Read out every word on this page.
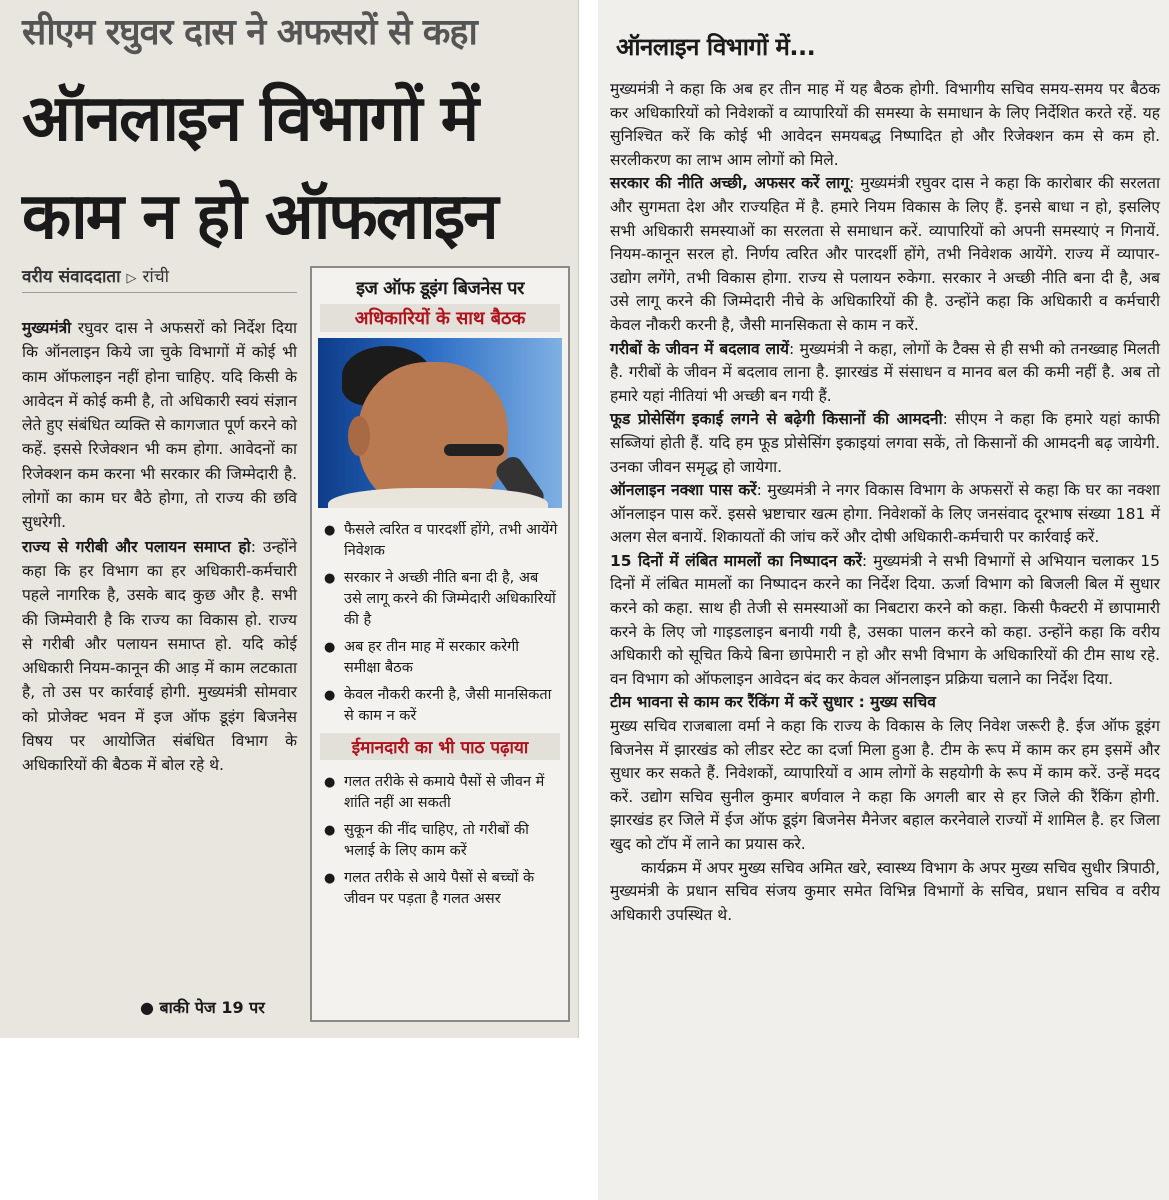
सीएम रघुवर दास ने अफसरों से कहा
ऑनलाइन विभागों में
काम न हो ऑफलाइन
वरीय संवाददाता ▷ रांची

मुख्यमंत्री रघुवर दास ने अफसरों को निर्देश दिया कि ऑनलाइन किये जा चुके विभागों में कोई भी काम ऑफलाइन नहीं होना चाहिए. यदि किसी के आवेदन में कोई कमी है, तो अधिकारी स्वयं संज्ञान लेते हुए संबंधित व्यक्ति से कागजात पूर्ण करने को कहें. इससे रिजेक्शन भी कम होगा. आवेदनों का रिजेक्शन कम करना भी सरकार की जिम्मेदारी है. लोगों का काम घर बैठे होगा, तो राज्य की छवि सुधरेगी.

राज्य से गरीबी और पलायन समाप्त हो: उन्होंने कहा कि हर विभाग का हर अधिकारी-कर्मचारी पहले नागरिक है, उसके बाद कुछ और है. सभी की जिम्मेवारी है कि राज्य का विकास हो. राज्य से गरीबी और पलायन समाप्त हो. यदि कोई अधिकारी नियम-कानून की आड़ में काम लटकाता है, तो उस पर कार्रवाई होगी. मुख्यमंत्री सोमवार को प्रोजेक्ट भवन में इज ऑफ डूइंग बिजनेस विषय पर आयोजित संबंधित विभाग के अधिकारियों की बैठक में बोल रहे थे.

● बाकी पेज 19 पर
इज ऑफ डूइंग बिजनेस पर
अधिकारियों के साथ बैठक
● फैसले त्वरित व पारदर्शी होंगे, तभी आयेंगे निवेशक
● सरकार ने अच्छी नीति बना दी है, अब उसे लागू करने की जिम्मेदारी अधिकारियों की है
● अब हर तीन माह में सरकार करेगी समीक्षा बैठक
● केवल नौकरी करनी है, जैसी मानसिकता से काम न करें
ईमानदारी का भी पाठ पढ़ाया
● गलत तरीके से कमाये पैसों से जीवन में शांति नहीं आ सकती
● सुकून की नींद चाहिए, तो गरीबों की भलाई के लिए काम करें
● गलत तरीके से आये पैसों से बच्चों के जीवन पर पड़ता है गलत असर
ऑनलाइन विभागों में...

मुख्यमंत्री ने कहा कि अब हर तीन माह में यह बैठक होगी. विभागीय सचिव समय-समय पर बैठक कर अधिकारियों को निवेशकों व व्यापारियों की समस्या के समाधान के लिए निर्देशित करते रहें. यह सुनिश्चित करें कि कोई भी आवेदन समयबद्ध निष्पादित हो और रिजेक्शन कम से कम हो. सरलीकरण का लाभ आम लोगों को मिले.

सरकार की नीति अच्छी, अफसर करें लागू: मुख्यमंत्री रघुवर दास ने कहा कि कारोबार की सरलता और सुगमता देश और राज्यहित में है. हमारे नियम विकास के लिए हैं. इनसे बाधा न हो, इसलिए सभी अधिकारी समस्याओं का सरलता से समाधान करें. व्यापारियों को अपनी समस्याएं न गिनायें. नियम-कानून सरल हो. निर्णय त्वरित और पारदर्शी होंगे, तभी निवेशक आयेंगे. राज्य में व्यापार-उद्योग लगेंगे, तभी विकास होगा. राज्य से पलायन रुकेगा. सरकार ने अच्छी नीति बना दी है, अब उसे लागू करने की जिम्मेदारी नीचे के अधिकारियों की है. उन्होंने कहा कि अधिकारी व कर्मचारी केवल नौकरी करनी है, जैसी मानसिकता से काम न करें.

गरीबों के जीवन में बदलाव लायें: मुख्यमंत्री ने कहा, लोगों के टैक्स से ही सभी को तनख्वाह मिलती है. गरीबों के जीवन में बदलाव लाना है. झारखंड में संसाधन व मानव बल की कमी नहीं है. अब तो हमारे यहां नीतियां भी अच्छी बन गयी हैं.

फूड प्रोसेसिंग इकाई लगने से बढ़ेगी किसानों की आमदनी: सीएम ने कहा कि हमारे यहां काफी सब्जियां होती हैं. यदि हम फूड प्रोसेसिंग इकाइयां लगवा सकें, तो किसानों की आमदनी बढ़ जायेगी. उनका जीवन समृद्ध हो जायेगा.

ऑनलाइन नक्शा पास करें: मुख्यमंत्री ने नगर विकास विभाग के अफसरों से कहा कि घर का नक्शा ऑनलाइन पास करें. इससे भ्रष्टाचार खत्म होगा. निवेशकों के लिए जनसंवाद दूरभाष संख्या 181 में अलग सेल बनायें. शिकायतों की जांच करें और दोषी अधिकारी-कर्मचारी पर कार्रवाई करें.

15 दिनों में लंबित मामलों का निष्पादन करें: मुख्यमंत्री ने सभी विभागों से अभियान चलाकर 15 दिनों में लंबित मामलों का निष्पादन करने का निर्देश दिया. ऊर्जा विभाग को बिजली बिल में सुधार करने को कहा. साथ ही तेजी से समस्याओं का निबटारा करने को कहा. किसी फैक्टरी में छापामारी करने के लिए जो गाइडलाइन बनायी गयी है, उसका पालन करने को कहा. उन्होंने कहा कि वरीय अधिकारी को सूचित किये बिना छापेमारी न हो और सभी विभाग के अधिकारियों की टीम साथ रहे. वन विभाग को ऑफलाइन आवेदन बंद कर केवल ऑनलाइन प्रक्रिया चलाने का निर्देश दिया.

टीम भावना से काम कर रैंकिंग में करें सुधार : मुख्य सचिव

मुख्य सचिव राजबाला वर्मा ने कहा कि राज्य के विकास के लिए निवेश जरूरी है. ईज ऑफ डूइंग बिजनेस में झारखंड को लीडर स्टेट का दर्जा मिला हुआ है. टीम के रूप में काम कर हम इसमें और सुधार कर सकते हैं. निवेशकों, व्यापारियों व आम लोगों के सहयोगी के रूप में काम करें. उन्हें मदद करें. उद्योग सचिव सुनील कुमार बर्णवाल ने कहा कि अगली बार से हर जिले की रैंकिंग होगी. झारखंड हर जिले में ईज ऑफ डूइंग बिजनेस मैनेजर बहाल करनेवाले राज्यों में शामिल है. हर जिला खुद को टॉप में लाने का प्रयास करे.

कार्यक्रम में अपर मुख्य सचिव अमित खरे, स्वास्थ्य विभाग के अपर मुख्य सचिव सुधीर त्रिपाठी, मुख्यमंत्री के प्रधान सचिव संजय कुमार समेत विभिन्न विभागों के सचिव, प्रधान सचिव व वरीय अधिकारी उपस्थित थे.
